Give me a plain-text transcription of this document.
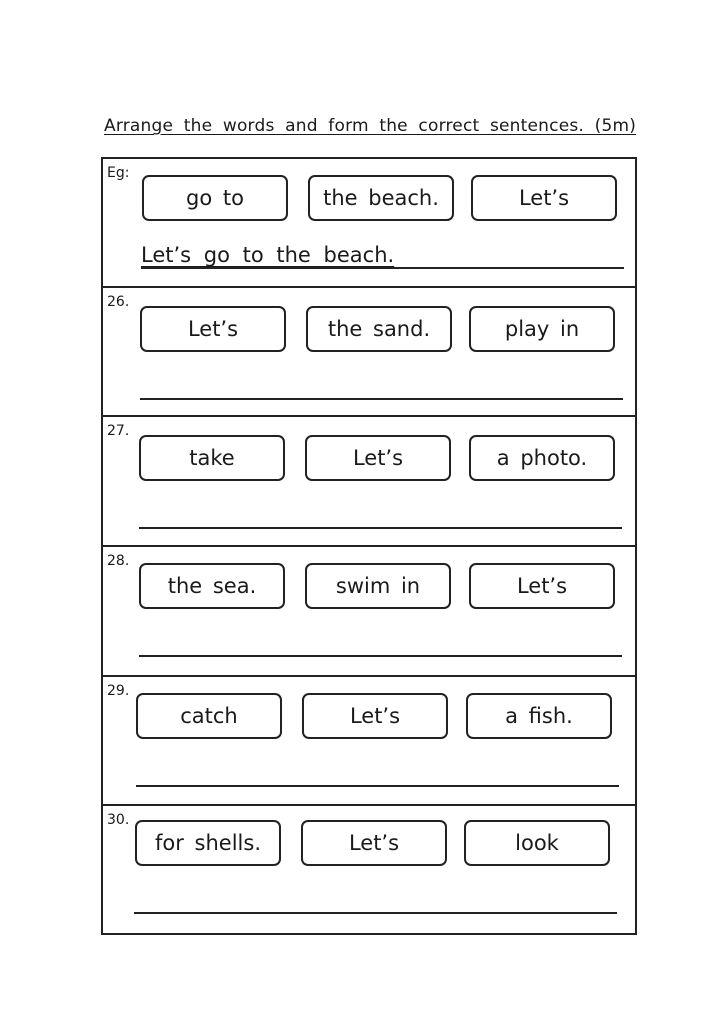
Arrange the words and form the correct sentences. (5m)
Eg:
go to	the beach.	Let’s
Let’s go to the beach.
26.
Let’s	the sand.	play in
27.
take	Let’s	a photo.
28.
the sea.	swim in	Let’s
29.
catch	Let’s	a fish.
30.
for shells.	Let’s	look
